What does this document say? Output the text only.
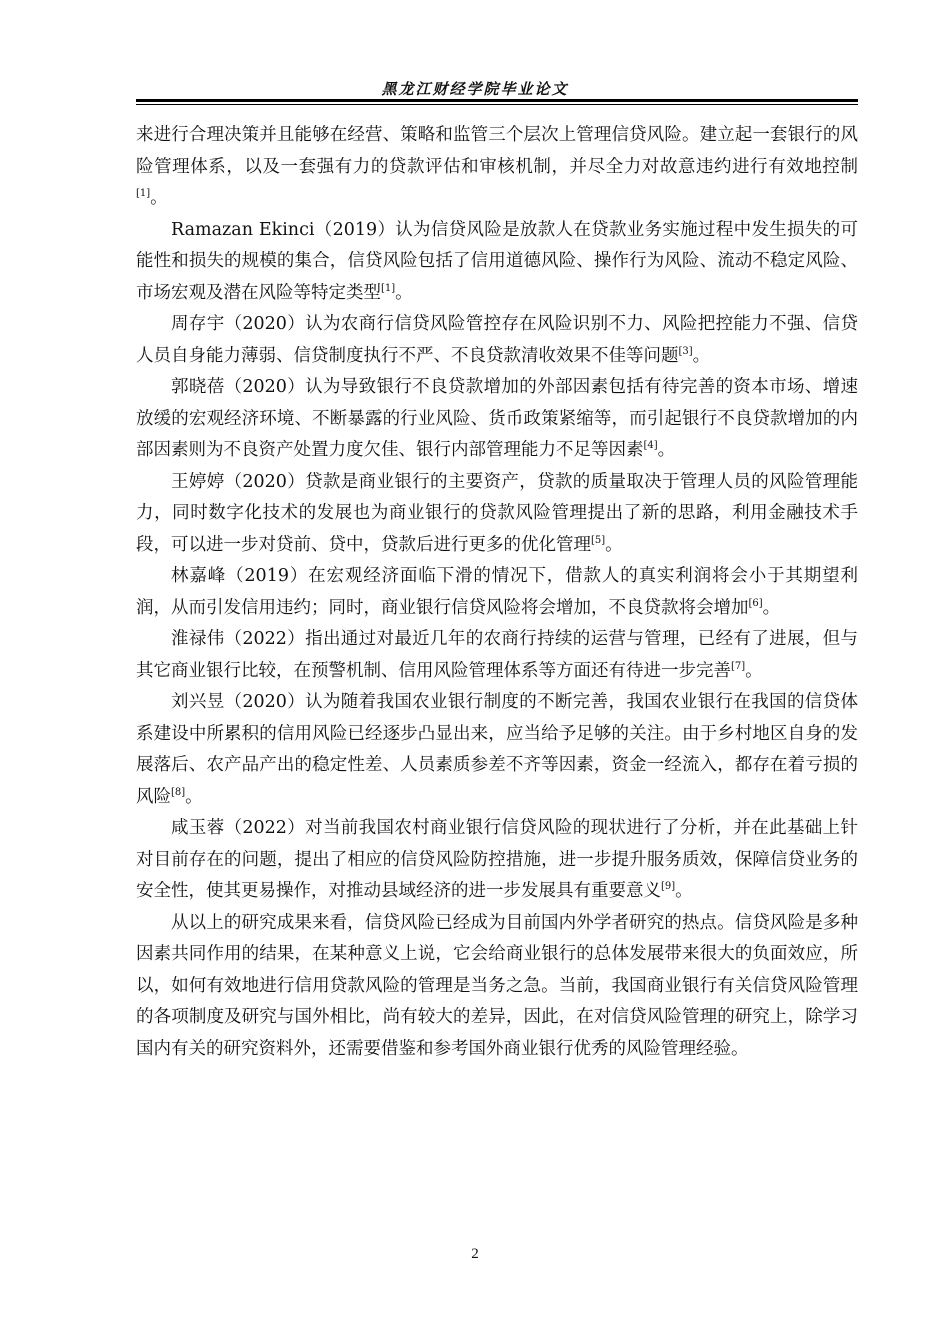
黑龙江财经学院毕业论文

来进行合理决策并且能够在经营、策略和监管三个层次上管理信贷风险。建立起一套银行的风险管理体系，以及一套强有力的贷款评估和审核机制，并尽全力对故意违约进行有效地控制[1]。

Ramazan Ekinci（2019）认为信贷风险是放款人在贷款业务实施过程中发生损失的可能性和损失的规模的集合，信贷风险包括了信用道德风险、操作行为风险、流动不稳定风险、市场宏观及潜在风险等特定类型[1]。

周存宇（2020）认为农商行信贷风险管控存在风险识别不力、风险把控能力不强、信贷人员自身能力薄弱、信贷制度执行不严、不良贷款清收效果不佳等问题[3]。

郭晓蓓（2020）认为导致银行不良贷款增加的外部因素包括有待完善的资本市场、增速放缓的宏观经济环境、不断暴露的行业风险、货币政策紧缩等，而引起银行不良贷款增加的内部因素则为不良资产处置力度欠佳、银行内部管理能力不足等因素[4]。

王婷婷（2020）贷款是商业银行的主要资产，贷款的质量取决于管理人员的风险管理能力，同时数字化技术的发展也为商业银行的贷款风险管理提出了新的思路，利用金融技术手段，可以进一步对贷前、贷中，贷款后进行更多的优化管理[5]。

林嘉峰（2019）在宏观经济面临下滑的情况下，借款人的真实利润将会小于其期望利润，从而引发信用违约；同时，商业银行信贷风险将会增加，不良贷款将会增加[6]。

淮禄伟（2022）指出通过对最近几年的农商行持续的运营与管理，已经有了进展，但与其它商业银行比较，在预警机制、信用风险管理体系等方面还有待进一步完善[7]。

刘兴昱（2020）认为随着我国农业银行制度的不断完善，我国农业银行在我国的信贷体系建设中所累积的信用风险已经逐步凸显出来，应当给予足够的关注。由于乡村地区自身的发展落后、农产品产出的稳定性差、人员素质参差不齐等因素，资金一经流入，都存在着亏损的风险[8]。

咸玉蓉（2022）对当前我国农村商业银行信贷风险的现状进行了分析，并在此基础上针对目前存在的问题，提出了相应的信贷风险防控措施，进一步提升服务质效，保障信贷业务的安全性，使其更易操作，对推动县域经济的进一步发展具有重要意义[9]。

从以上的研究成果来看，信贷风险已经成为目前国内外学者研究的热点。信贷风险是多种因素共同作用的结果，在某种意义上说，它会给商业银行的总体发展带来很大的负面效应，所以，如何有效地进行信用贷款风险的管理是当务之急。当前，我国商业银行有关信贷风险管理的各项制度及研究与国外相比，尚有较大的差异，因此，在对信贷风险管理的研究上，除学习国内有关的研究资料外，还需要借鉴和参考国外商业银行优秀的风险管理经验。

2
